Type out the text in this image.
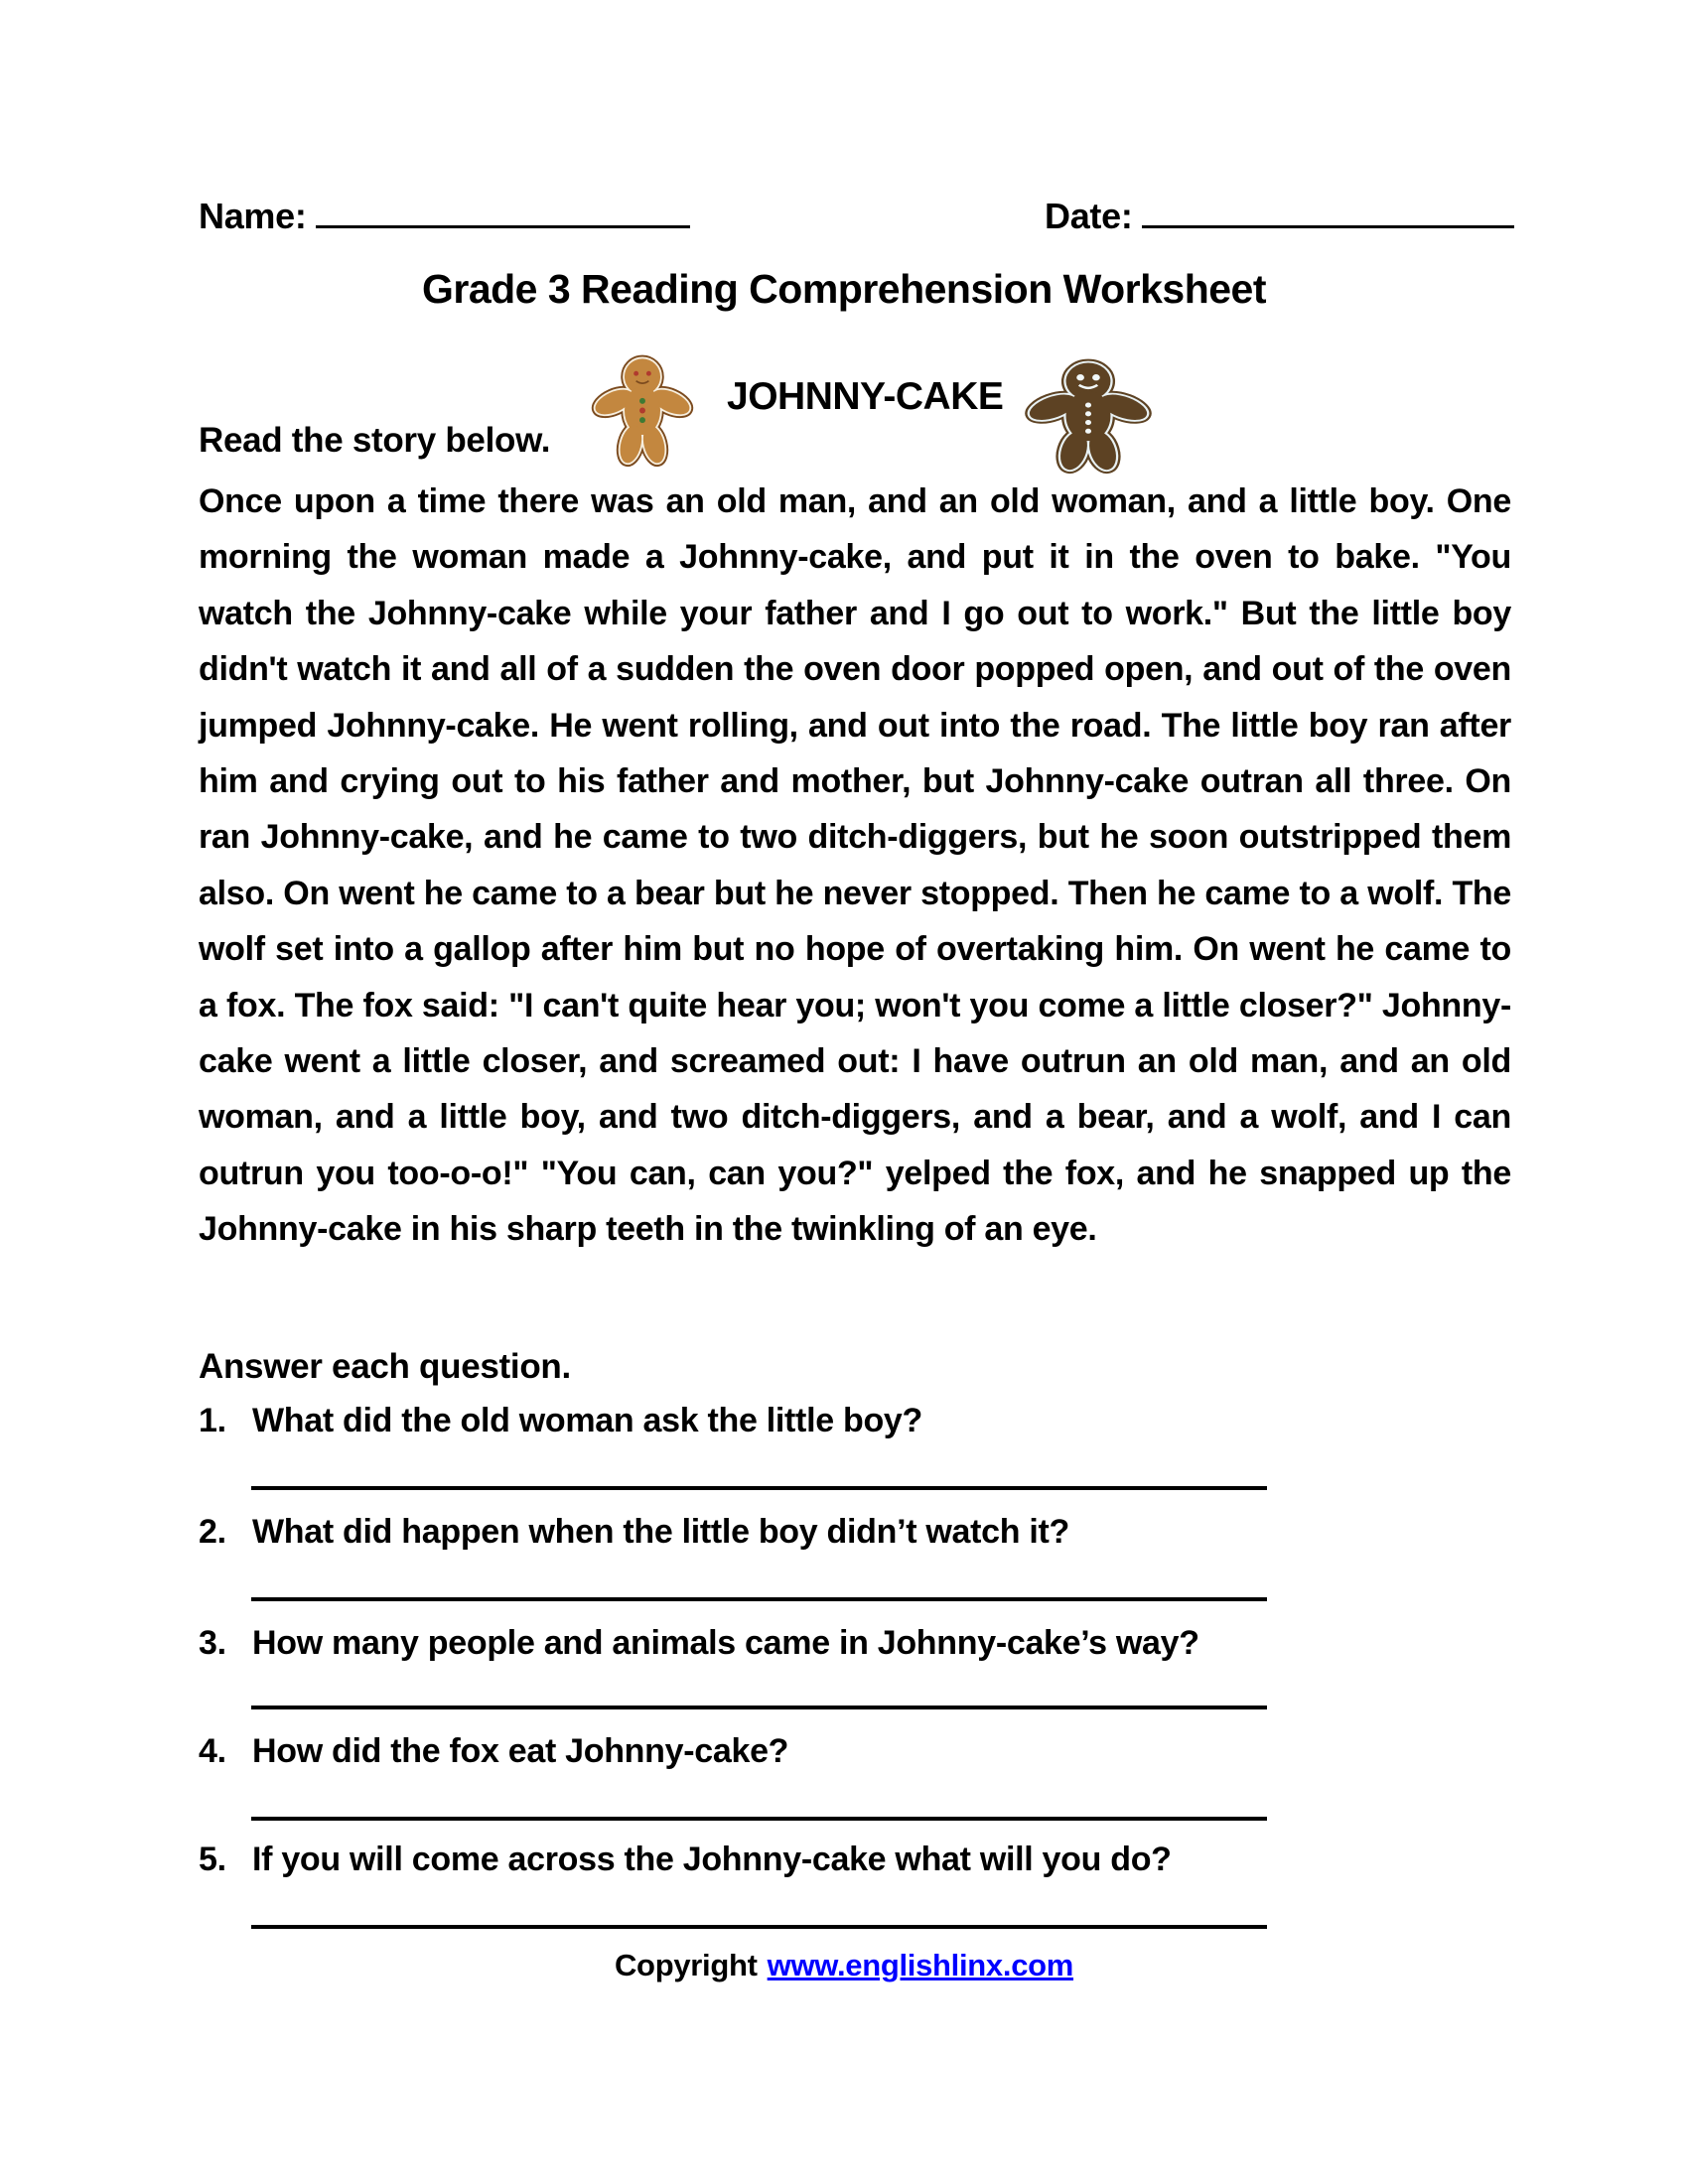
Name:	Date:
Grade 3 Reading Comprehension Worksheet
JOHNNY-CAKE
Read the story below.
Once upon a time there was an old man, and an old woman, and a little boy. One morning the woman made a Johnny-cake, and put it in the oven to bake. "You watch the Johnny-cake while your father and I go out to work." But the little boy didn't watch it and all of a sudden the oven door popped open, and out of the oven jumped Johnny-cake. He went rolling, and out into the road. The little boy ran after him and crying out to his father and mother, but Johnny-cake outran all three. On ran Johnny-cake, and he came to two ditch-diggers, but he soon outstripped them also. On went he came to a bear but he never stopped. Then he came to a wolf. The wolf set into a gallop after him but no hope of overtaking him. On went he came to a fox. The fox said: "I can't quite hear you; won't you come a little closer?" Johnny-cake went a little closer, and screamed out: I have outrun an old man, and an old woman, and a little boy, and two ditch-diggers, and a bear, and a wolf, and I can outrun you too-o-o!" "You can, can you?" yelped the fox, and he snapped up the Johnny-cake in his sharp teeth in the twinkling of an eye.
Answer each question.
1. What did the old woman ask the little boy?
2. What did happen when the little boy didn’t watch it?
3. How many people and animals came in Johnny-cake’s way?
4. How did the fox eat Johnny-cake?
5. If you will come across the Johnny-cake what will you do?
Copyright www.englishlinx.com
